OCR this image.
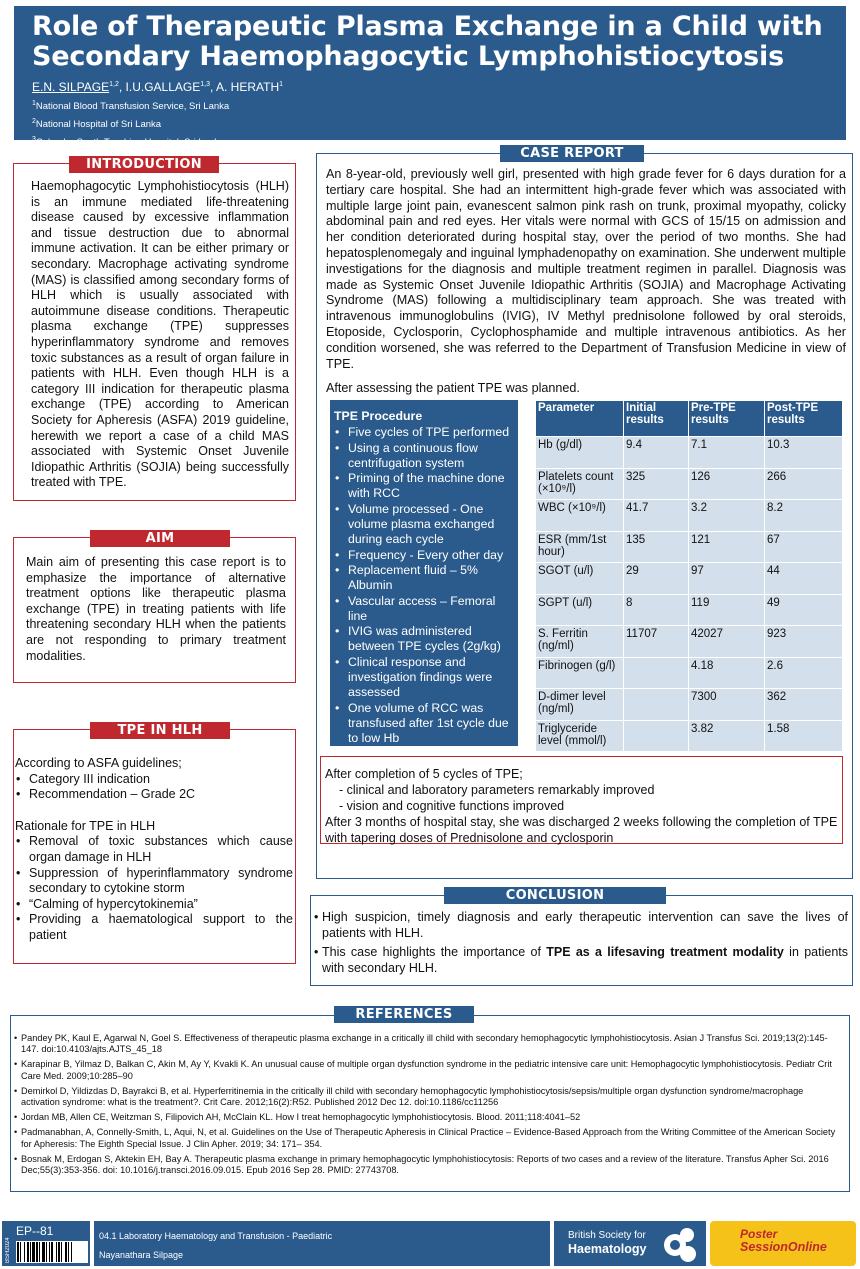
Role of Therapeutic Plasma Exchange in a Child with
Secondary Haemophagocytic Lymphohistiocytosis
E.N. SILPAGE$^{1,2}$, I.U.GALLAGE$^{1,3}$, A. HERATH$^1$
$^1$National Blood Transfusion Service, Sri Lanka
$^2$National Hospital of Sri Lanka
$^3$Colombo South Teaching Hospital, Sri Lanka

Haemophagocytic Lymphohistiocytosis (HLH) is an immune mediated life-threatening disease caused by excessive inflammation and tissue destruction due to abnormal immune activation. It can be either primary or secondary. Macrophage activating syndrome (MAS) is classified among secondary forms of HLH which is usually associated with autoimmune disease conditions. Therapeutic plasma exchange (TPE) suppresses hyperinflammatory syndrome and removes toxic substances as a result of organ failure in patients with HLH. Even though HLH is a category III indication for therapeutic plasma exchange (TPE) according to American Society for Apheresis (ASFA) 2019 guideline, herewith we report a case of a child MAS associated with Systemic Onset Juvenile Idiopathic Arthritis (SOJIA) being successfully treated with TPE.

INTRODUCTION

Main aim of presenting this case report is to emphasize the importance of alternative treatment options like therapeutic plasma exchange (TPE) in treating patients with life threatening secondary HLH when the patients are not responding to primary treatment modalities.

AIM
According to ASFA guidelines;
• Category III indication
• Recommendation – Grade 2C
Rationale for TPE in HLH
• Removal of toxic substances which cause organ damage in HLH
• Suppression of hyperinflammatory syndrome secondary to cytokine storm
• “Calming of hypercytokinemia”
• Providing a haematological support to the patient
TPE IN HLH

An 8-year-old, previously well girl, presented with high grade fever for 6 days duration for a tertiary care hospital. She had an intermittent high-grade fever which was associated with multiple large joint pain, evanescent salmon pink rash on trunk, proximal myopathy, colicky abdominal pain and red eyes. Her vitals were normal with GCS of 15/15 on admission and her condition deteriorated during hospital stay, over the period of two months. She had hepatosplenomegaly and inguinal lymphadenopathy on examination. She underwent multiple investigations for the diagnosis and multiple treatment regimen in parallel. Diagnosis was made as Systemic Onset Juvenile Idiopathic Arthritis (SOJIA) and Macrophage Activating Syndrome (MAS) following a multidisciplinary team approach. She was treated with intravenous immunoglobulins (IVIG), IV Methyl prednisolone followed by oral steroids, Etoposide, Cyclosporin, Cyclophosphamide and multiple intravenous antibiotics. As her condition worsened, she was referred to the Department of Transfusion Medicine in view of TPE.

After assessing the patient TPE was planned.

CASE REPORT
TPE Procedure
• Five cycles of TPE performed
• Using a continuous flow centrifugation system
• Priming of the machine done with RCC
• Volume processed - One volume plasma exchanged during each cycle
• Frequency - Every other day
• Replacement fluid – 5% Albumin
• Vascular access – Femoral line
• IVIG was administered between TPE cycles (2g/kg)
• Clinical response and investigation findings were assessed
• One volume of RCC was transfused after 1st cycle due to low Hb
Parameter	Initial results	Pre-TPE results	Post-TPE results
Hb (g/dl)	9.4	7.1	10.3
Platelets count (×10⁹/l)	325	126	266
WBC (×10⁹/l)	41.7	3.2	8.2
ESR (mm/1st hour)	135	121	67
SGOT (u/l)	29	97	44
SGPT (u/l)	8	119	49
S. Ferritin (ng/ml)	11707	42027	923
Fibrinogen (g/l)		4.18	2.6
D-dimer level (ng/ml)		7300	362
Triglyceride level (mmol/l)		3.82	1.58
After completion of 5 cycles of TPE;
- clinical and laboratory parameters remarkably improved
- vision and cognitive functions improved
After 3 months of hospital stay, she was discharged 2 weeks following the completion of TPE with tapering doses of Prednisolone and cyclosporin
• High suspicion, timely diagnosis and early therapeutic intervention can save the lives of patients with HLH.
• This case highlights the importance of TPE as a lifesaving treatment modality in patients with secondary HLH.
CONCLUSION
• Pandey PK, Kaul E, Agarwal N, Goel S. Effectiveness of therapeutic plasma exchange in a critically ill child with secondary hemophagocytic lymphohistiocytosis. Asian J Transfus Sci. 2019;13(2):145-147. doi:10.4103/ajts.AJTS_45_18
• Karapinar B, Yilmaz D, Balkan C, Akin M, Ay Y, Kvakli K. An unusual cause of multiple organ dysfunction syndrome in the pediatric intensive care unit: Hemophagocytic lymphohistiocytosis. Pediatr Crit Care Med. 2009;10:285–90
• Demirkol D, Yildizdas D, Bayrakci B, et al. Hyperferritinemia in the critically ill child with secondary hemophagocytic lymphohistiocytosis/sepsis/multiple organ dysfunction syndrome/macrophage activation syndrome: what is the treatment?. Crit Care. 2012;16(2):R52. Published 2012 Dec 12. doi:10.1186/cc11256
• Jordan MB, Allen CE, Weitzman S, Filipovich AH, McClain KL. How I treat hemophagocytic lymphohistiocytosis. Blood. 2011;118:4041–52
• Padmanabhan, A, Connelly-Smith, L, Aqui, N, et al. Guidelines on the Use of Therapeutic Apheresis in Clinical Practice – Evidence-Based Approach from the Writing Committee of the American Society for Apheresis: The Eighth Special Issue. J Clin Apher. 2019; 34: 171– 354.
• Bosnak M, Erdogan S, Aktekin EH, Bay A. Therapeutic plasma exchange in primary hemophagocytic lymphohistiocytosis: Reports of two cases and a review of the literature. Transfus Apher Sci. 2016 Dec;55(3):353-356. doi: 10.1016/j.transci.2016.09.015. Epub 2016 Sep 28. PMID: 27743708.
REFERENCES
BSH2024
EP--81	04.1 Laboratory Haematology and Transfusion - Paediatric
Nayanathara Silpage
British Society for
Haematology
Poster
SessionOnline
